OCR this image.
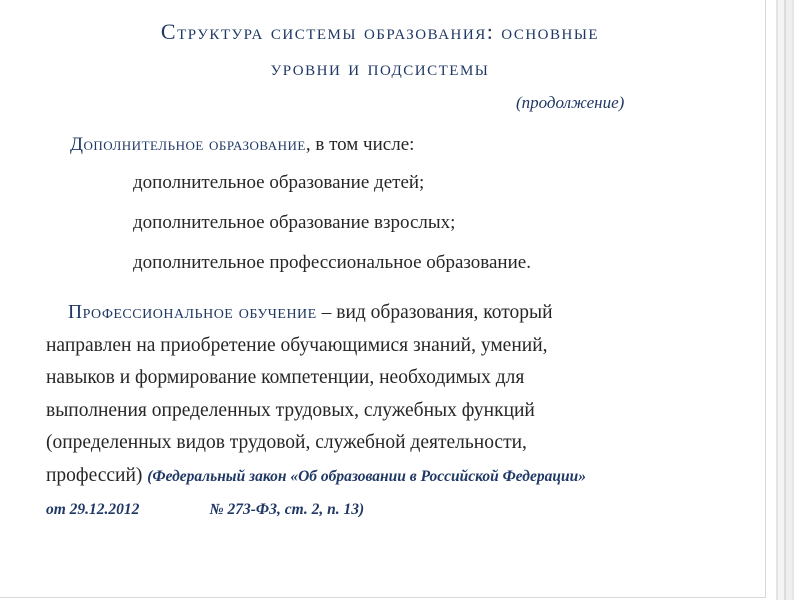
Структура системы образования: основные
уровни и подсистемы
(продолжение)
Дополнительное образование, в том числе:
дополнительное образование детей;
дополнительное образование взрослых;
дополнительное профессиональное образование.
Профессиональное обучение – вид образования, который
направлен на приобретение обучающимися знаний, умений,
навыков и формирование компетенции, необходимых для
выполнения определенных трудовых, служебных функций
(определенных видов трудовой, служебной деятельности,
профессий) (Федеральный закон «Об образовании в Российской Федерации»
от 29.12.2012	№ 273-ФЗ, ст. 2, п. 13)
